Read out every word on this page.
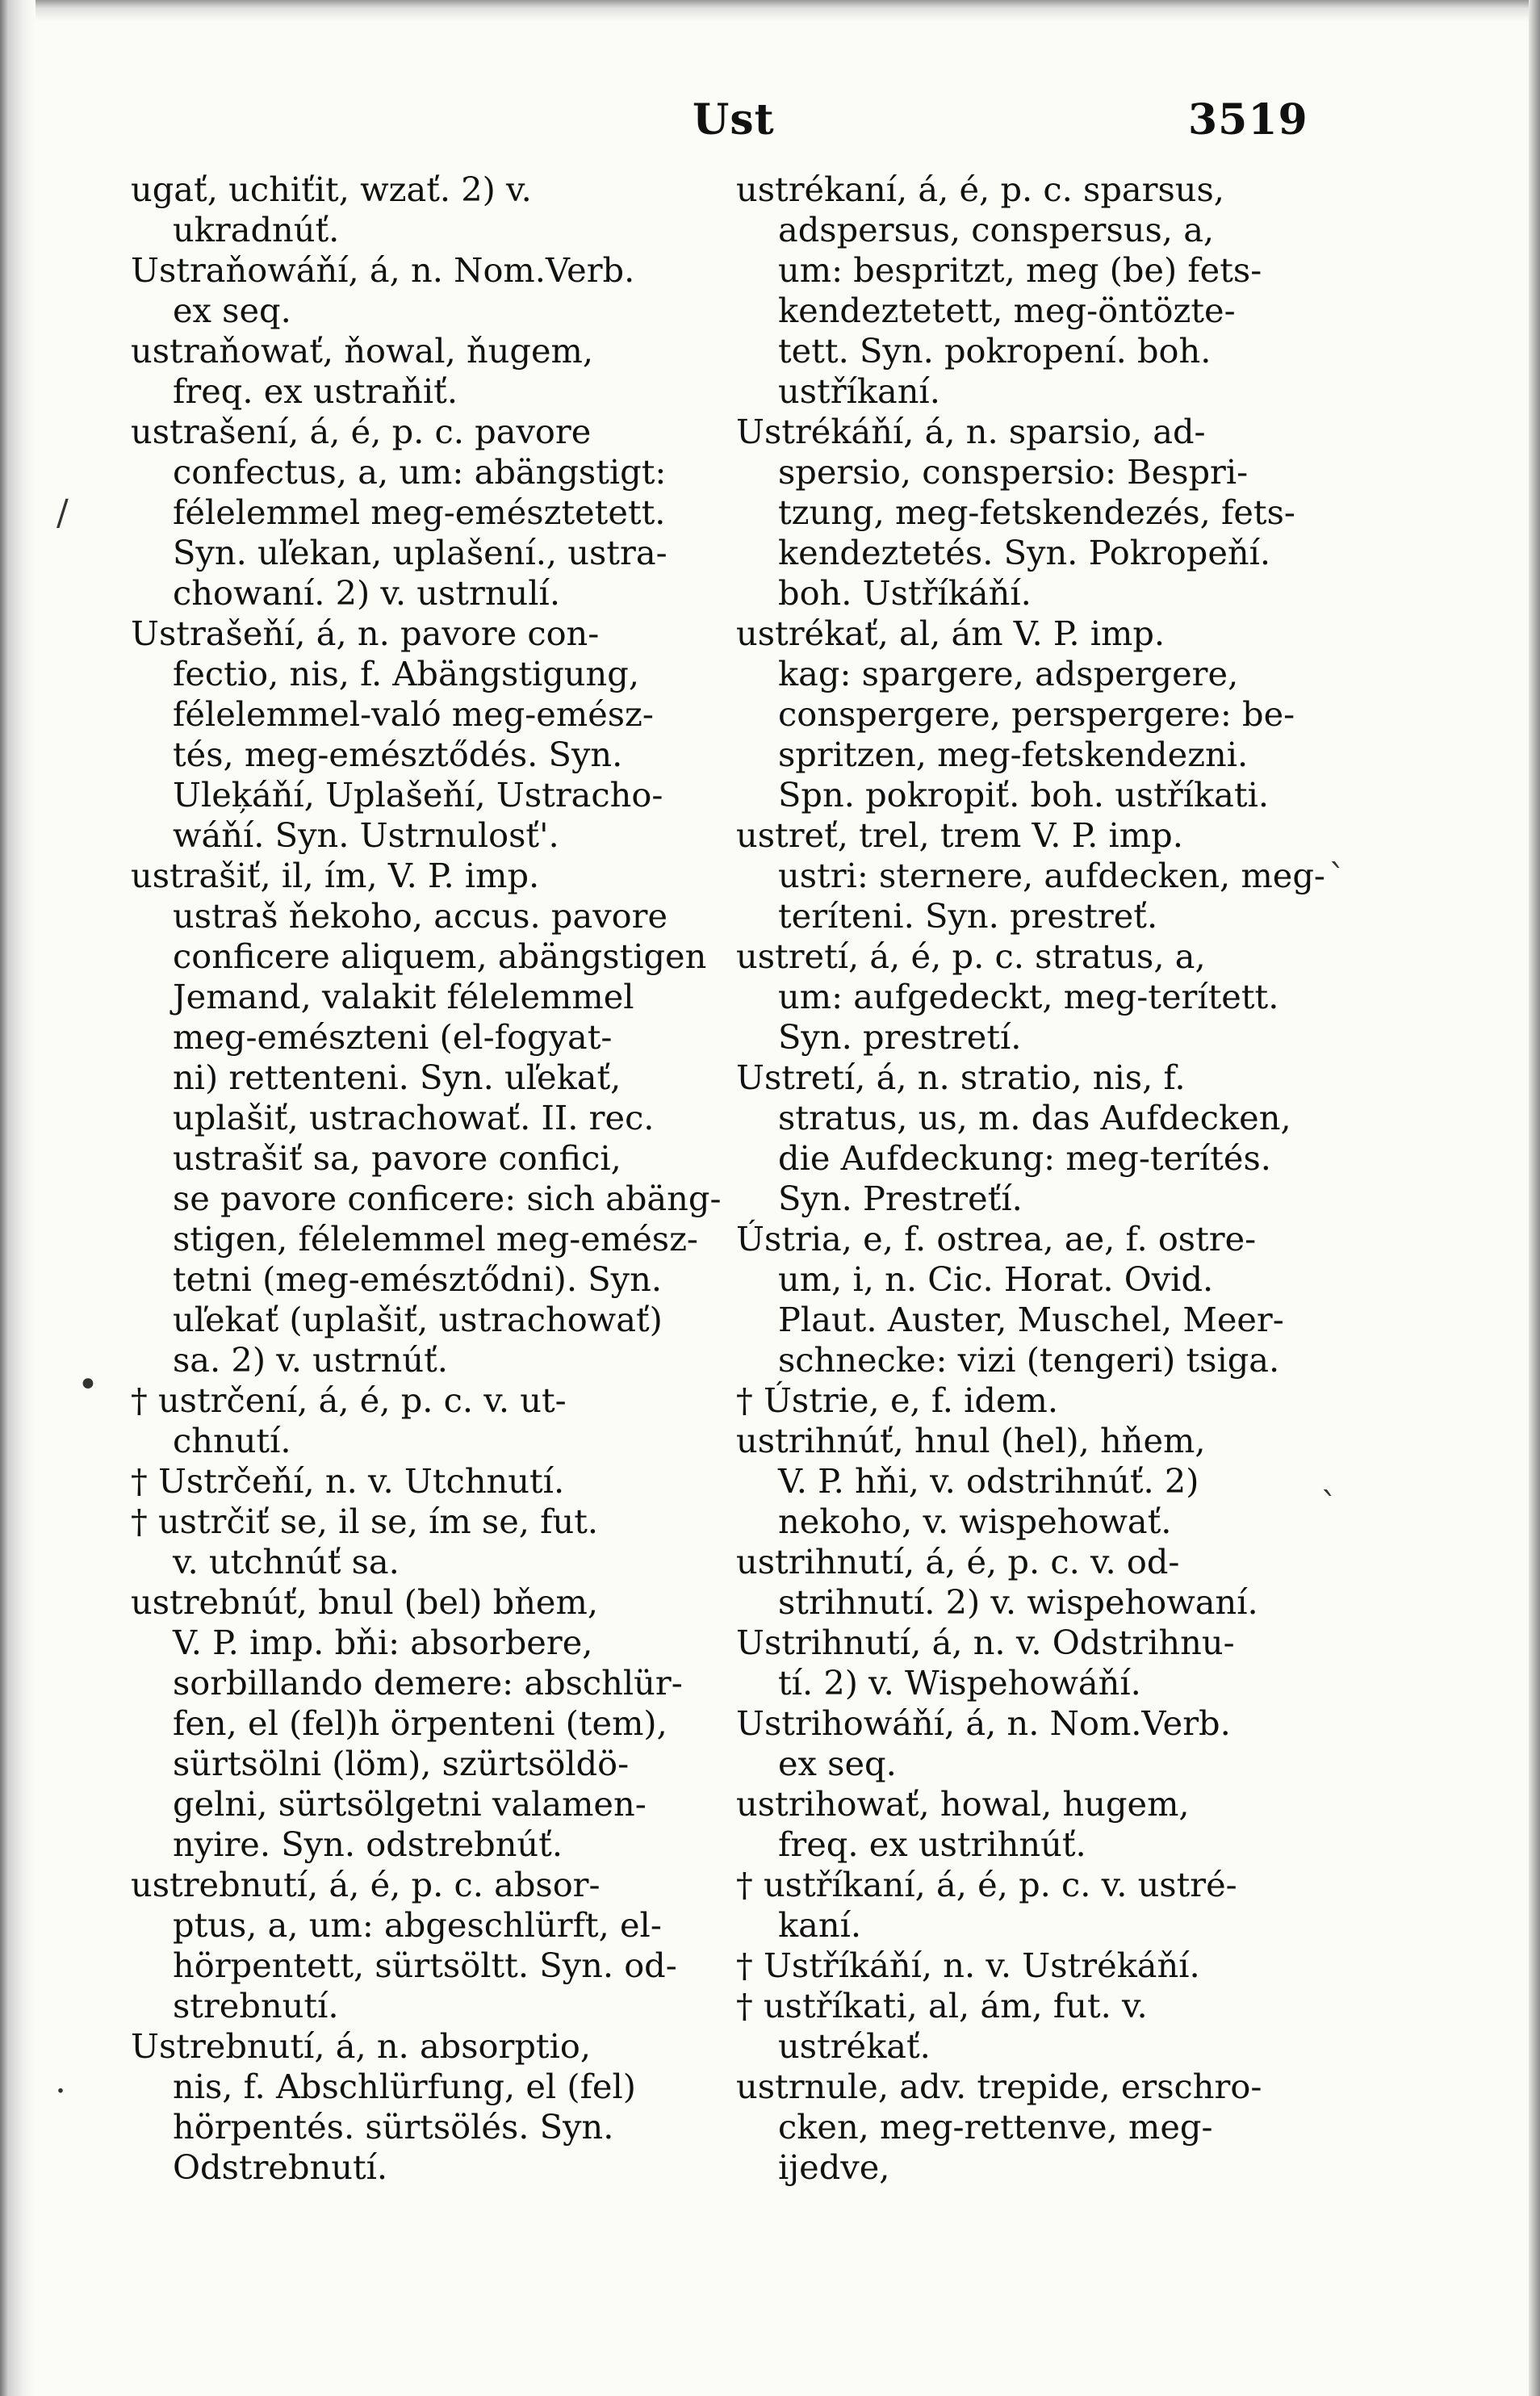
Ust	3519
/
•
`
`
.
ugať, uchiťit, wzať. 2) v.
ukradnúť.
Ustraňowáňí, á, n. Nom.Verb.
ex seq.
ustraňowať, ňowal, ňugem,
freq. ex ustraňiť.
ustrašení, á, é, p. c. pavore
confectus, a, um: abängstigt:
félelemmel meg-emésztetett.
Syn. uľekan, uplašení., ustra-
chowaní. 2) v. ustrnulí.
Ustrašeňí, á, n. pavore con-
fectio, nis, f. Abängstigung,
félelemmel-való meg-emész-
tés, meg-emésztődés. Syn.
Uleķáňí, Uplašeňí, Ustracho-
wáňí. Syn. Ustrnulosť'.
ustrašiť, il, ím, V. P. imp.
ustraš ňekoho, accus. pavore
conficere aliquem, abängstigen
Jemand, valakit félelemmel
meg-emészteni (el-fogyat-
ni) rettenteni. Syn. uľekať,
uplašiť, ustrachowať. II. rec.
ustrašiť sa, pavore confici,
se pavore conficere: sich abäng-
stigen, félelemmel meg-emész-
tetni (meg-emésztődni). Syn.
uľekať (uplašiť, ustrachowať)
sa. 2) v. ustrnúť.
† ustrčení, á, é, p. c. v. ut-
chnutí.
† Ustrčeňí, n. v. Utchnutí.
† ustrčiť se, il se, ím se, fut.
v. utchnúť sa.
ustrebnúť, bnul (bel) bňem,
V. P. imp. bňi: absorbere,
sorbillando demere: abschlür-
fen, el (fel)h örpenteni (tem),
sürtsölni (löm), szürtsöldö-
gelni, sürtsölgetni valamen-
nyire. Syn. odstrebnúť.
ustrebnutí, á, é, p. c. absor-
ptus, a, um: abgeschlürft, el-
hörpentett, sürtsöltt. Syn. od-
strebnutí.
Ustrebnutí, á, n. absorptio,
nis, f. Abschlürfung, el (fel)
hörpentés. sürtsölés. Syn.
Odstrebnutí.
ustrékaní, á, é, p. c. sparsus,
adspersus, conspersus, a,
um: bespritzt, meg (be) fets-
kendeztetett, meg-öntözte-
tett. Syn. pokropení. boh.
ustříkaní.
Ustrékáňí, á, n. sparsio, ad-
spersio, conspersio: Bespri-
tzung, meg-fetskendezés, fets-
kendeztetés. Syn. Pokropeňí.
boh. Ustříkáňí.
ustrékať, al, ám V. P. imp.
kag: spargere, adspergere,
conspergere, perspergere: be-
spritzen, meg-fetskendezni.
Spn. pokropiť. boh. ustříkati.
ustreť, trel, trem V. P. imp.
ustri: sternere, aufdecken, meg-
teríteni. Syn. prestreť.
ustretí, á, é, p. c. stratus, a,
um: aufgedeckt, meg-terített.
Syn. prestretí.
Ustretí, á, n. stratio, nis, f.
stratus, us, m. das Aufdecken,
die Aufdeckung: meg-terítés.
Syn. Prestreťí.
Ústria, e, f. ostrea, ae, f. ostre-
um, i, n. Cic. Horat. Ovid.
Plaut. Auster, Muschel, Meer-
schnecke: vizi (tengeri) tsiga.
† Ústrie, e, f. idem.
ustrihnúť, hnul (hel), hňem,
V. P. hňi, v. odstrihnúť. 2)
nekoho, v. wispehowať.
ustrihnutí, á, é, p. c. v. od-
strihnutí. 2) v. wispehowaní.
Ustrihnutí, á, n. v. Odstrihnu-
tí. 2) v. Wispehowáňí.
Ustrihowáňí, á, n. Nom.Verb.
ex seq.
ustrihowať, howal, hugem,
freq. ex ustrihnúť.
† ustříkaní, á, é, p. c. v. ustré-
kaní.
† Ustříkáňí, n. v. Ustrékáňí.
† ustříkati, al, ám, fut. v.
ustrékať.
ustrnule, adv. trepide, erschro-
cken, meg-rettenve, meg-
ijedve,
